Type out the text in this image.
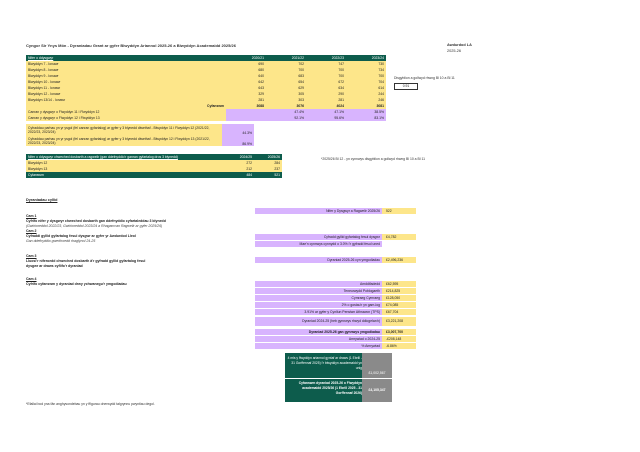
Cyngor Sir Ynys Môn - Dyraniadau Grant ar gyfer Blwyddyn Ariannol 2025-26 a Blwyddyn Academaidd 2025/26	Awdurdod LA
2025-26
Nifer o ddysgwyr	2020/21	2021/22	2022/23	2023/24
Blwyddyn 7 - Ionawr	690	702	747	730
Blwyddyn 8 - Ionawr	680	700	700	734
Blwyddyn 9 - Ionawr	640	683	700	700
Blwyddyn 10 - Ionawr	642	654	672	704
Blwyddyn 11 - Ionawr	643	629	634	614
Blwyddyn 12 - Ionawr	329	305	290	244
Blwyddyn 13/14 - Ionawr	281	303	281	246
Cyfanswm	3088	3076	4024	3081
Canran y dysgwyr o Flwyddyn 11 i Flwyddyn 12		47.4%	47.1%	38.5%
Canran y dysgwyr o Flwyddyn 12 i Flwyddyn 13		92.1%	95.6%	83.1%
Disgyblion a gollwyd rhwng Bl 10 a Bl 11
0.91
Cyfraddau parhau yn yr ysgol (fel canran gyfartalog) ar gyfer y 3 blynedd diwethaf - Blwyddyn 11 i Flwyddyn 12 (2021/22, 2022/23, 2023/24)	44.3%
Cyfraddau parhau yn yr ysgol (fel canran gyfartalog) ar gyfer y 3 blynedd diwethaf - Blwyddyn 12 i Flwyddyn 13 (2021/22, 2022/23, 2023/24)	86.9%
Nifer o ddysgwyr chweched dosbarth a ragwelir (gan ddefnyddio'r ganran gyfartalog dros 3 blynedd)	2024/25	2025/26
Blwyddyn 12	272	284
Blwyddyn 13	212	237
Cyfanswm	484	521
*2025/26 Bl 12 - yn cynnwys disgyblion a gollwyd rhwng Bl 10 a Bl 11
Dyraniadau cyllid
Cam 1
Cyfrifo nifer y dysgwyr chweched dosbarth gan ddefnyddio cyfartaleddau 3 blynedd
(Gwirioneddol 2022/23, Gwirioneddol 2023/24 a Rhagamcan Ragwelir ar gyfer 2025/26)
Nifer y Dysgwyr a Ragwelir 2025/26	522
Cam 2
Cyfraddi gyllid gyfartalog fesul dysgwr ar gyfer yr Awdurdod Lleol
Gan ddefnyddio gwerthoedd rhagfynol 24-25
Cyfradd gyllid gyfartalog fesul dysgwr	£4,782
Mae'n cynnwys cynnydd o 3.0% i'r gyfradd fesul uned
Cam 3
Lluosi'r niferoedd chweched dosbarth â'r gyfradd gyllid gyfartalog fesul dysgwr ar draws cyflifo'r dyraniad
Dyraniad 2025-26 cyn ymgodiadau	£2,496,236
Cam 4
Cyfrifo cyfanswm y dyraniad drwy ychwanegu'r ymgodiadau	Amddifadedd	£62,595
Teneurwydd Poblogaeth	£214,825
Cymraeg Cymraeg	£128,050
2% o gostau'r yn gam-log	£74,085
3.91% ar gyfer y Cynllun Pensiwn Athrawon (TPS)	£67,704
Dyraniad 2024-25 (heb gynnwys rhwyd ddiogelwch)	£3,221,208
Dyraniad 2025-26 gan gynnwys ymgodiadau	£3,007,700
Amrywiad o 2024-25	-£208,148
% Amrywiad	-6.86%
4 mis y flwyddyn ariannol gyntaf ar draws (1 Ebrill - 31 Gorffennaf 2025) i'r blwyddyn academaidd yn unig
£1,002,567
Cyfanswm dyraniad 2025-26 o Flwyddyn academaidd 2025/26 (1 Ebrill 2025 - 31 Gorffennaf 2026)
£4,105,347
*Efallai bod yna fân anghysondebau yn y ffigurau oherwydd talgrynnu pwyntiau degol.
